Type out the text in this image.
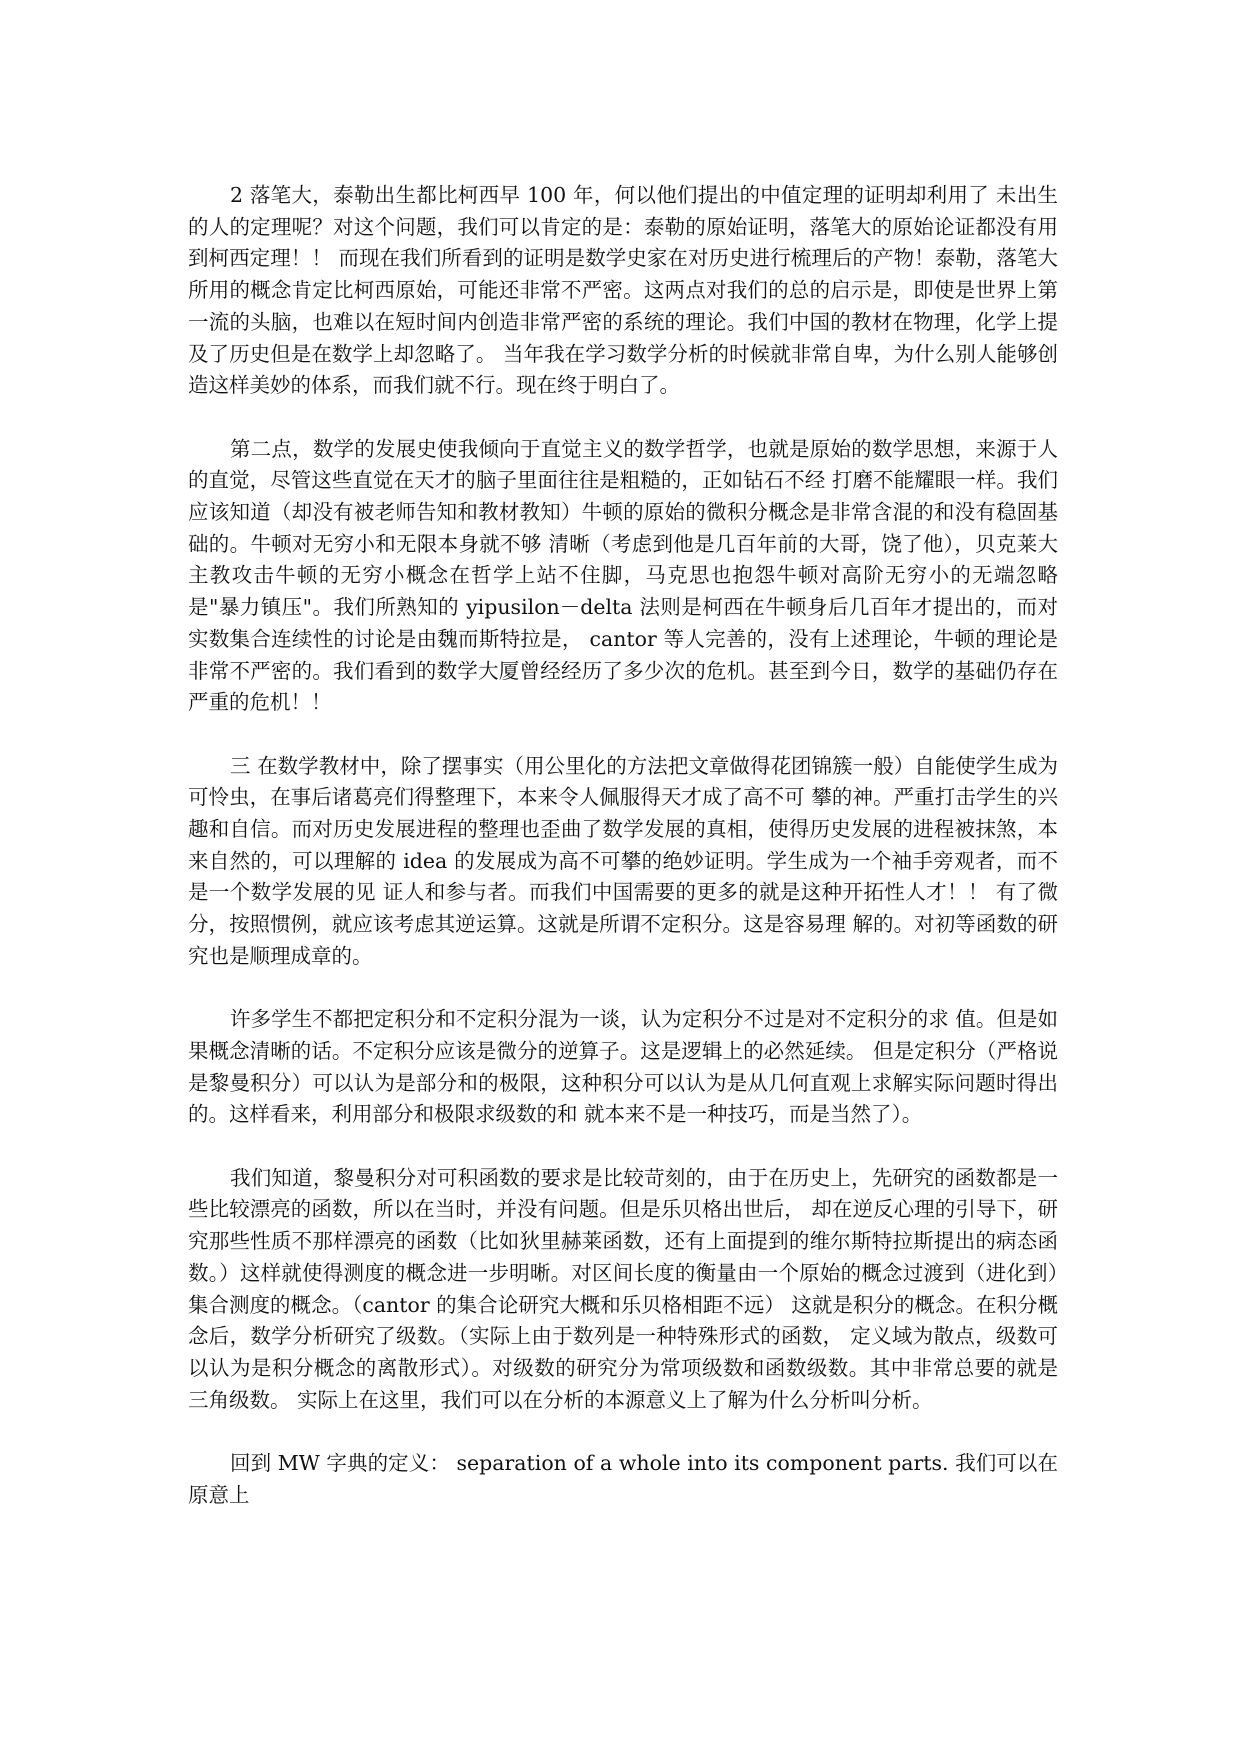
2 落笔大，泰勒出生都比柯西早 100 年，何以他们提出的中值定理的证明却利用了 未出生的人的定理呢？对这个问题，我们可以肯定的是：泰勒的原始证明，落笔大的原始论证都没有用到柯西定理！！ 而现在我们所看到的证明是数学史家在对历史进行梳理后的产物！泰勒，落笔大所用的概念肯定比柯西原始，可能还非常不严密。这两点对我们的总的启示是，即使是世界上第一流的头脑，也难以在短时间内创造非常严密的系统的理论。我们中国的教材在物理，化学上提及了历史但是在数学上却忽略了。 当年我在学习数学分析的时候就非常自卑，为什么别人能够创造这样美妙的体系，而我们就不行。现在终于明白了。

第二点，数学的发展史使我倾向于直觉主义的数学哲学，也就是原始的数学思想，来源于人的直觉，尽管这些直觉在天才的脑子里面往往是粗糙的，正如钻石不经 打磨不能耀眼一样。我们应该知道（却没有被老师告知和教材教知）牛顿的原始的微积分概念是非常含混的和没有稳固基础的。牛顿对无穷小和无限本身就不够 清晰（考虑到他是几百年前的大哥，饶了他），贝克莱大主教攻击牛顿的无穷小概念在哲学上站不住脚，马克思也抱怨牛顿对高阶无穷小的无端忽略是"暴力镇压"。我们所熟知的 yipusilon－delta 法则是柯西在牛顿身后几百年才提出的，而对实数集合连续性的讨论是由魏而斯特拉是， cantor 等人完善的，没有上述理论，牛顿的理论是非常不严密的。我们看到的数学大厦曾经经历了多少次的危机。甚至到今日，数学的基础仍存在严重的危机！！

三 在数学教材中，除了摆事实（用公里化的方法把文章做得花团锦簇一般）自能使学生成为可怜虫，在事后诸葛亮们得整理下，本来令人佩服得天才成了高不可 攀的神。严重打击学生的兴趣和自信。而对历史发展进程的整理也歪曲了数学发展的真相，使得历史发展的进程被抹煞，本来自然的，可以理解的 idea 的发展成为高不可攀的绝妙证明。学生成为一个袖手旁观者，而不是一个数学发展的见 证人和参与者。而我们中国需要的更多的就是这种开拓性人才！！ 有了微分，按照惯例，就应该考虑其逆运算。这就是所谓不定积分。这是容易理 解的。对初等函数的研究也是顺理成章的。

许多学生不都把定积分和不定积分混为一谈，认为定积分不过是对不定积分的求 值。但是如果概念清晰的话。不定积分应该是微分的逆算子。这是逻辑上的必然延续。 但是定积分（严格说是黎曼积分）可以认为是部分和的极限，这种积分可以认为是从几何直观上求解实际问题时得出的。这样看来，利用部分和极限求级数的和 就本来不是一种技巧，而是当然了）。

我们知道，黎曼积分对可积函数的要求是比较苛刻的，由于在历史上，先研究的函数都是一些比较漂亮的函数，所以在当时，并没有问题。但是乐贝格出世后， 却在逆反心理的引导下，研究那些性质不那样漂亮的函数（比如狄里赫莱函数，还有上面提到的维尔斯特拉斯提出的病态函数。）这样就使得测度的概念进一步明晰。对区间长度的衡量由一个原始的概念过渡到（进化到）集合测度的概念。（cantor 的集合论研究大概和乐贝格相距不远） 这就是积分的概念。在积分概念后，数学分析研究了级数。（实际上由于数列是一种特殊形式的函数， 定义域为散点，级数可以认为是积分概念的离散形式）。对级数的研究分为常项级数和函数级数。其中非常总要的就是三角级数。 实际上在这里，我们可以在分析的本源意义上了解为什么分析叫分析。

回到 MW 字典的定义： separation of a whole into its component parts. 我们可以在原意上
